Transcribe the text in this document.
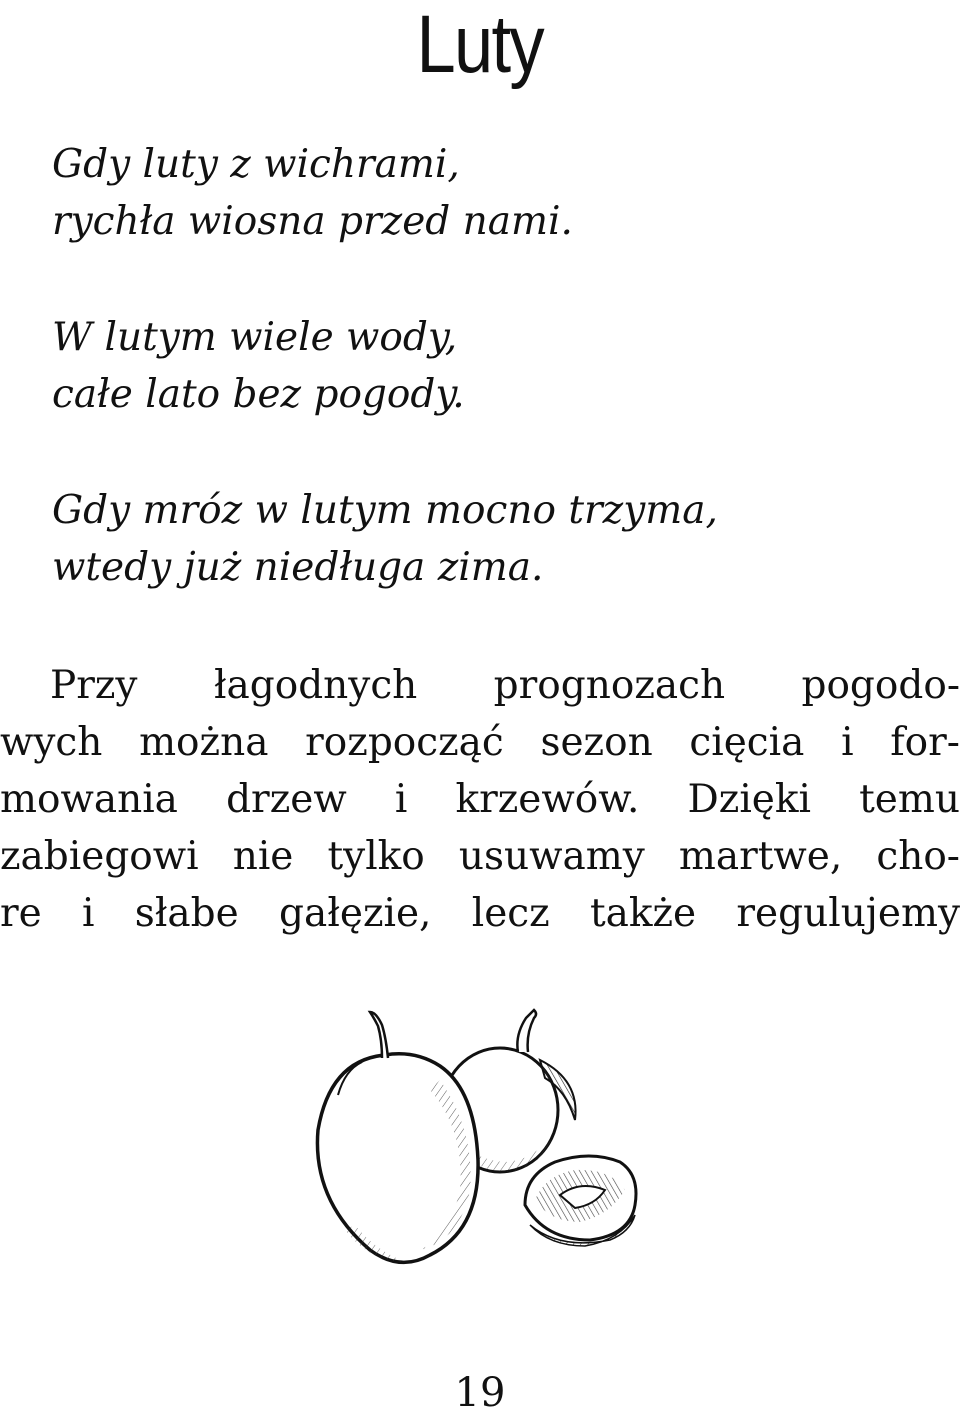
Luty
Gdy luty z wichrami,
rychła wiosna przed nami.
W lutym wiele wody,
całe lato bez pogody.
Gdy mróz w lutym mocno trzyma,
wtedy już niedługa zima.
Przy łagodnych prognozach pogodo-
wych można rozpocząć sezon cięcia i for-
mowania drzew i krzewów. Dzięki temu
zabiegowi nie tylko usuwamy martwe, cho-
re i słabe gałęzie, lecz także regulujemy
19
